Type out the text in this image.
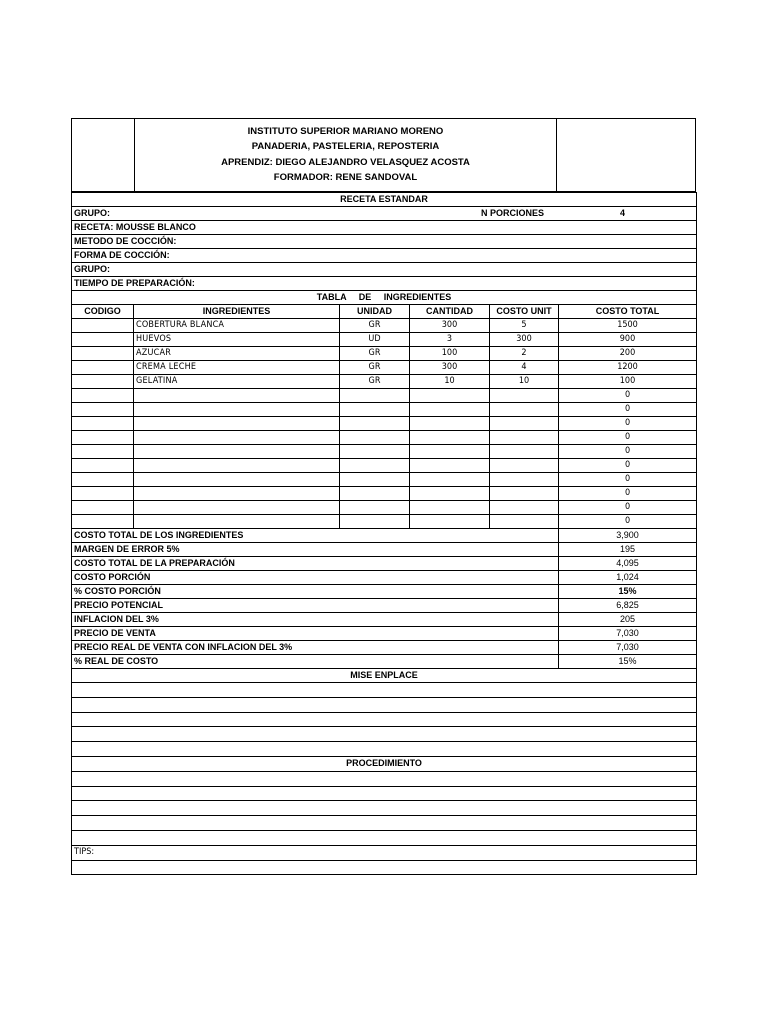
INSTITUTO SUPERIOR MARIANO MORENO
PANADERIA, PASTELERIA, REPOSTERIA
APRENDIZ: DIEGO ALEJANDRO VELASQUEZ ACOSTA
FORMADOR: RENE SANDOVAL
RECETA ESTANDAR					
GRUPO: N PORCIONES 4					

RECETA: MOUSSE BLANCO					
METODO DE COCCIÓN:					
FORMA DE COCCIÓN:					
GRUPO:					
TIEMPO DE PREPARACIÓN:					
TABLA     DE     INGREDIENTES					
CODIGO	INGREDIENTES	UNIDAD	CANTIDAD	COSTO UNIT	COSTO TOTAL
	COBERTURA BLANCA	GR	300	5	1500
	HUEVOS	UD	3	300	900
	AZUCAR	GR	100	2	200
	CREMA LECHE	GR	300	4	1200
	GELATINA	GR	10	10	100
					0
					0
					0
					0
					0
					0
					0
					0
					0
					0
COSTO TOTAL DE LOS INGREDIENTES					3,900
MARGEN DE ERROR 5%					195
COSTO TOTAL DE LA PREPARACIÓN					4,095
COSTO PORCIÓN					1,024
% COSTO PORCIÓN					15%
PRECIO POTENCIAL					6,825
INFLACION DEL 3%					205
PRECIO DE VENTA					7,030
PRECIO REAL DE VENTA CON INFLACION DEL 3%					7,030
% REAL DE COSTO					15%
MISE ENPLACE					

PROCEDIMIENTO					

TIPS:					
